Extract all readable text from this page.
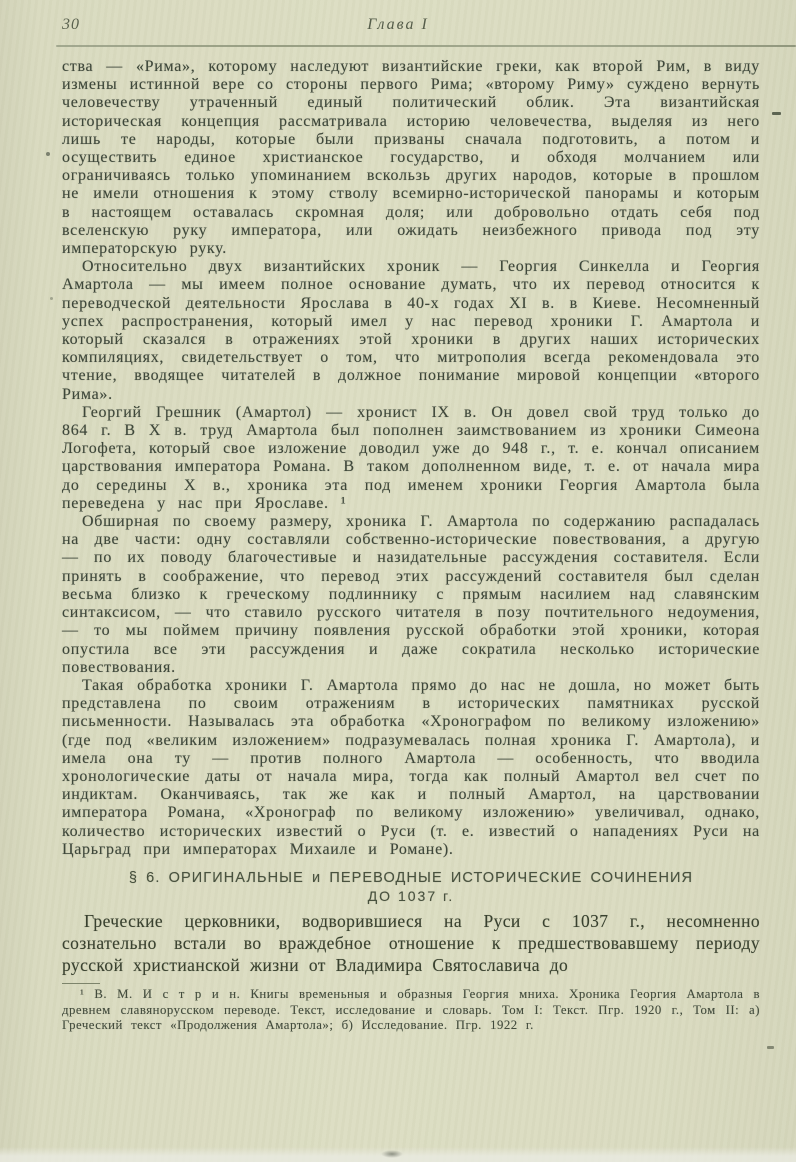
30	Глава I

ства — «Рима», которому наследуют византийские греки, как второй Рим, в виду измены истинной вере со стороны первого Рима; «второму Риму» суждено вернуть человечеству утраченный единый политический облик. Эта византийская историческая концепция рассматривала историю человечества, выделяя из него лишь те народы, которые были призваны сначала подготовить, а потом и осуществить единое христианское государство, и обходя молчанием или ограничиваясь только упоминанием вскользь других народов, которые в прошлом не имели отношения к этому стволу всемирно-исторической панорамы и которым в настоящем оставалась скромная доля; или добровольно отдать себя под вселенскую руку императора, или ожидать неизбежного привода под эту императорскую руку.

Относительно двух византийских хроник — Георгия Синкелла и Георгия Амартола — мы имеем полное основание думать, что их перевод относится к переводческой деятельности Ярослава в 40-х годах XI в. в Киеве. Несомненный успех распространения, который имел у нас перевод хроники Г. Амартола и который сказался в отражениях этой хроники в других наших исторических компиляциях, свидетельствует о том, что митрополия всегда рекомендовала это чтение, вводящее читателей в должное понимание мировой концепции «второго Рима».

Георгий Грешник (Амартол) — хронист IX в. Он довел свой труд только до 864 г. В X в. труд Амартола был пополнен заимствованием из хроники Симеона Логофета, который свое изложение доводил уже до 948 г., т. е. кончал описанием царствования императора Романа. В таком дополненном виде, т. е. от начала мира до середины X в., хроника эта под именем хроники Георгия Амартола была переведена у нас при Ярославе. ¹

Обширная по своему размеру, хроника Г. Амартола по содержанию распадалась на две части: одну составляли собственно-исторические повествования, а другую — по их поводу благочестивые и назидательные рассуждения составителя. Если принять в соображение, что перевод этих рассуждений составителя был сделан весьма близко к греческому подлиннику с прямым насилием над славянским синтаксисом, — что ставило русского читателя в позу почтительного недоумения, — то мы поймем причину появления русской обработки этой хроники, которая опустила все эти рассуждения и даже сократила несколько исторические повествования.

Такая обработка хроники Г. Амартола прямо до нас не дошла, но может быть представлена по своим отражениям в исторических памятниках русской письменности. Называлась эта обработка «Хронографом по великому изложению» (где под «великим изложением» подразумевалась полная хроника Г. Амартола), и имела она ту — против полного Амартола — особенность, что вводила хронологические даты от начала мира, тогда как полный Амартол вел счет по индиктам. Оканчиваясь, так же как и полный Амартол, на царствовании императора Романа, «Хронограф по великому изложению» увеличивал, однако, количество исторических известий о Руси (т. е. известий о нападениях Руси на Царьград при императорах Михаиле и Романе).

§ 6. ОРИГИНАЛЬНЫЕ и ПЕРЕВОДНЫЕ ИСТОРИЧЕСКИЕ СОЧИНЕНИЯ
ДО 1037 г.

Греческие церковники, водворившиеся на Руси с 1037 г., несомненно сознательно встали во враждебное отношение к предшествовавшему периоду русской христианской жизни от Владимира Святославича до

¹ В. М. И с т р и н. Книгы временьныя и образныя Георгия мниха. Хроника Георгия Амартола в древнем славянорусском переводе. Текст, исследование и словарь. Том I: Текст. Пгр. 1920 г., Том II: а) Греческий текст «Продолжения Амартола»; б) Исследование. Пгр. 1922 г.
